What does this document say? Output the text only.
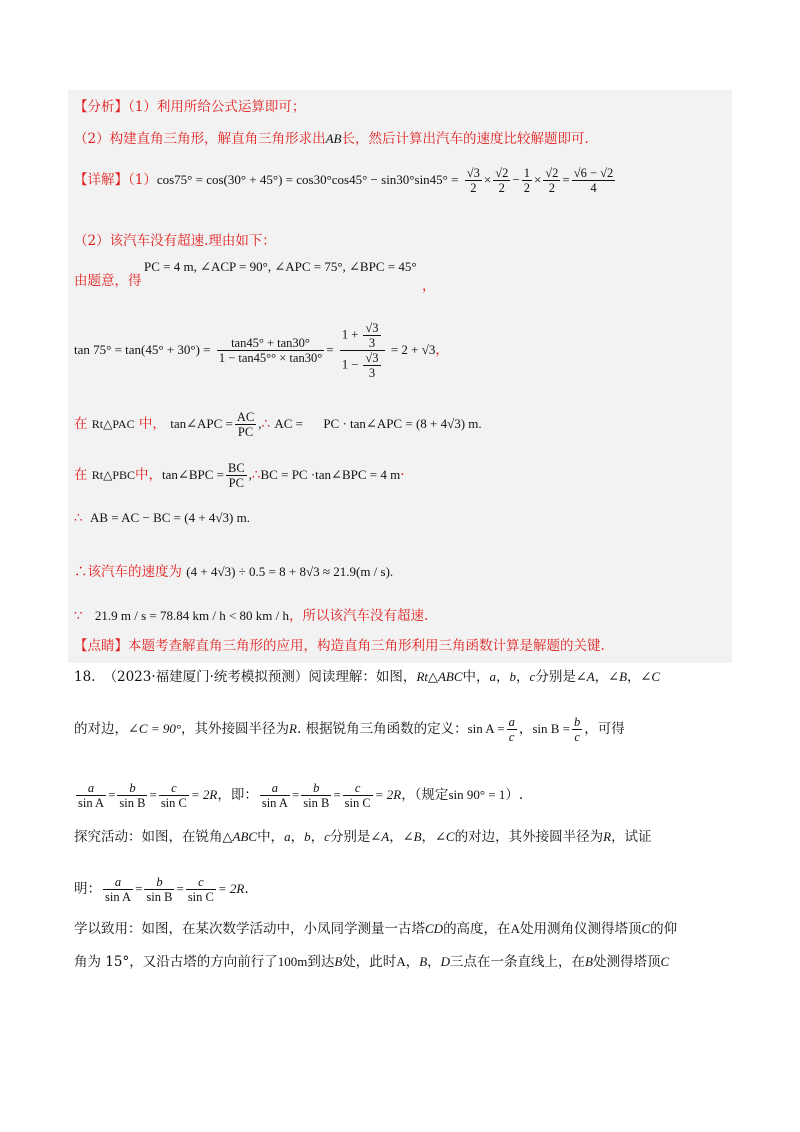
【分析】（1）利用所给公式运算即可；
（2）构建直角三角形，解直角三角形求出AB长，然后计算出汽车的速度比较解题即可.
【详解】$(1)\cos 75^\circ = \cos(30^\circ + 45^\circ) = \cos 30^\circ\cos 45^\circ - \sin 30^\circ\sin 45^\circ = \frac{√3}{2} \times \frac{√2}{2} - \frac{1}{2} \times \frac{√2}{2} = \frac{√6 - √2}{4}$
（2）该汽车没有超速.理由如下：
PC = 4 m, ∠ACP = 90°, ∠APC = 75°, ∠BPC = 45°
由题意，得	，
$\tan 75^\circ = \tan(45^\circ + 30^\circ) = \frac{\tan 45^\circ + \tan 30^\circ}{1 - \tan 45^\circ^\circ \times \tan 30^\circ} = \frac{1 + \frac{√3}{3}}{1 - \frac{√3}{3}} = 2 + √3$，
在 Rt△PAC 中， tan∠APC = $\frac{AC}{PC}$ ,∴ AC = PC · tan∠APC = (8 + 4√3) m.
在 Rt△PBC中，tan∠BPC = $\frac{BC}{PC}$ ,∴BC = PC ·tan∠BPC = 4 m·
∴ AB = AC − BC = (4 + 4√3) m.
∴该汽车的速度为 (4 + 4√3) ÷ 0.5 = 8 + 8√3 ≈ 21.9(m / s).
∵ 21.9 m / s = 78.84 km / h < 80 km / h，所以该汽车没有超速.
【点睛】本题考查解直角三角形的应用，构造直角三角形利用三角函数计算是解题的关键.
18. （2023·福建厦门·统考模拟预测）阅读理解：如图，Rt△ABC中，a，b，c分别是∠A，∠B，∠C
的对边，∠C = 90°，其外接圆半径为R. 根据锐角三角函数的定义：$\sin A = \frac{a}{c}$ ，$\sin B = \frac{b}{c}$ ，可得
$\frac{a}{\text{sin A}} = \frac{b}{\text{sin B}} = \frac{c}{\text{sin C}} = 2R$，即： $\frac{a}{\text{sin A}} = \frac{b}{\text{sin B}} = \frac{c}{\text{sin C}} = 2R$，（规定sin 90° = 1）.
探究活动：如图，在锐角△ABC中，a，b，c分别是∠A，∠B，∠C的对边，其外接圆半径为R，试证
明： $\frac{a}{\text{sin A}} = \frac{b}{\text{sin B}} = \frac{c}{\text{sin C}} = 2R$.
学以致用：如图，在某次数学活动中，小凤同学测量一古塔CD的高度，在A处用测角仪测得塔顶C的仰
角为 15°，又沿古塔的方向前行了100m到达B处，此时A，B，D三点在一条直线上，在B处测得塔顶C
